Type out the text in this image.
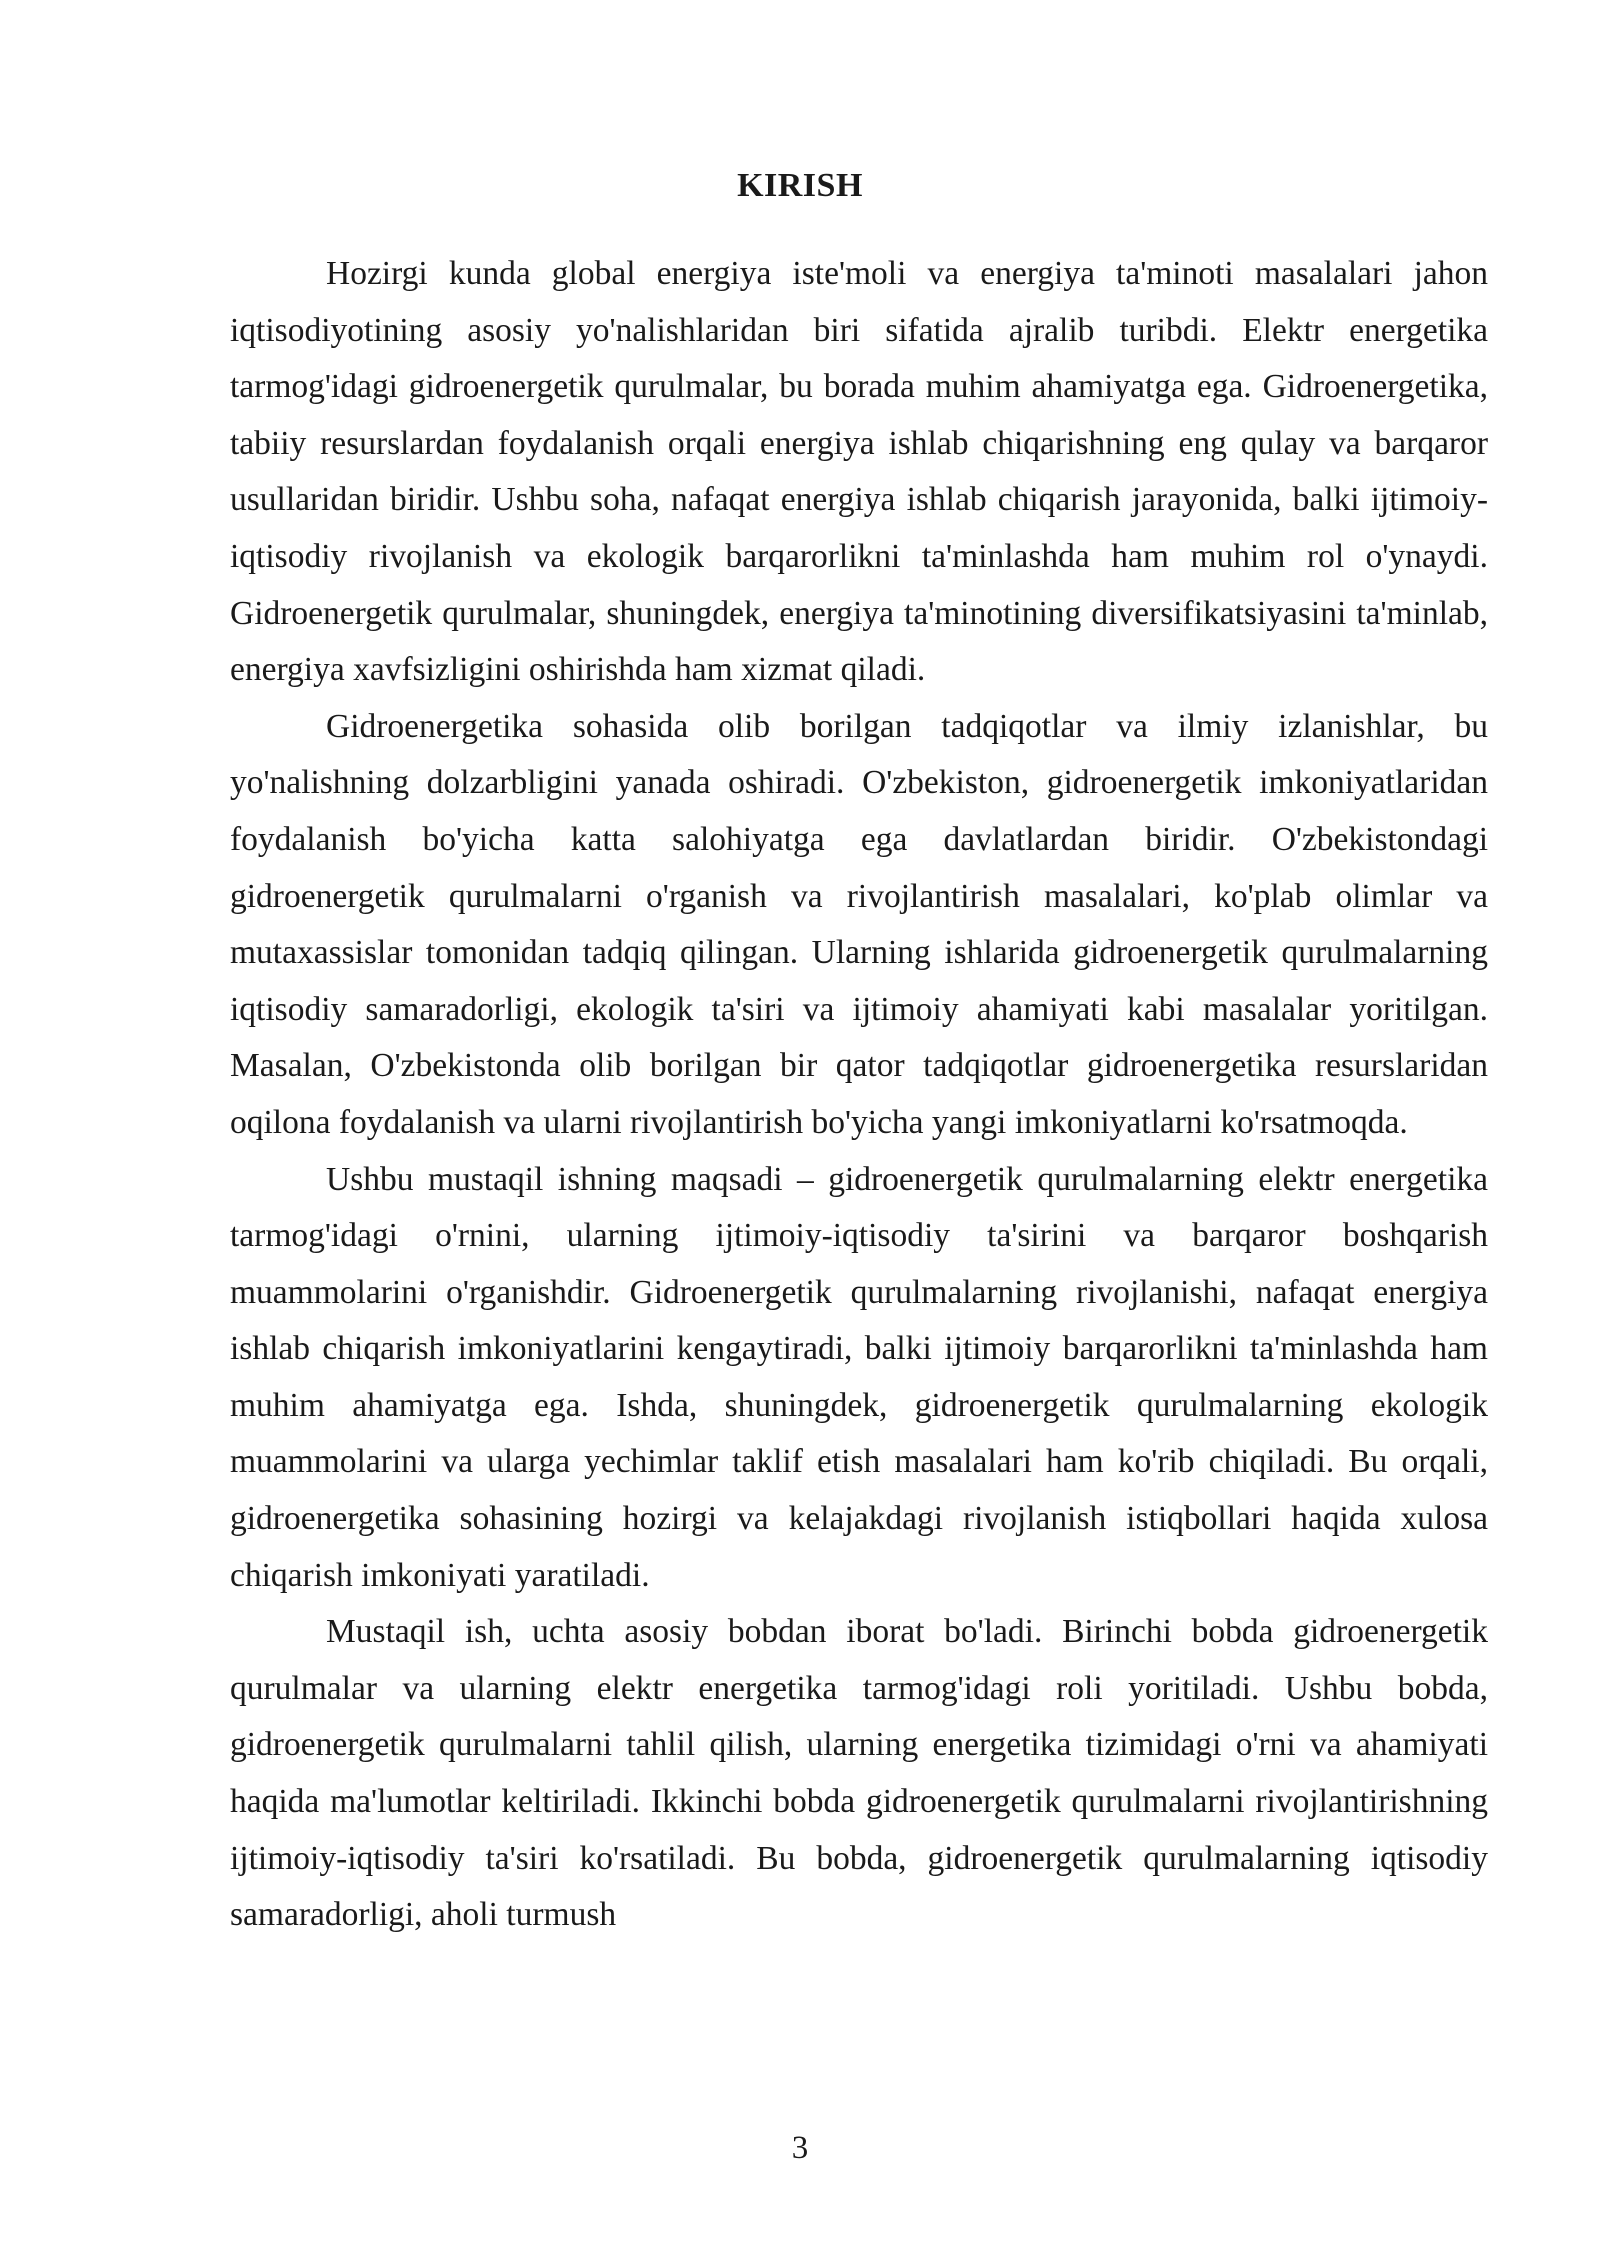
KIRISH

Hozirgi kunda global energiya iste'moli va energiya ta'minoti masalalari jahon iqtisodiyotining asosiy yo'nalishlaridan biri sifatida ajralib turibdi. Elektr energetika tarmog'idagi gidroenergetik qurulmalar, bu borada muhim ahamiyatga ega. Gidroenergetika, tabiiy resurslardan foydalanish orqali energiya ishlab chiqarishning eng qulay va barqaror usullaridan biridir. Ushbu soha, nafaqat energiya ishlab chiqarish jarayonida, balki ijtimoiy-iqtisodiy rivojlanish va ekologik barqarorlikni ta'minlashda ham muhim rol o'ynaydi. Gidroenergetik qurulmalar, shuningdek, energiya ta'minotining diversifikatsiyasini ta'minlab, energiya xavfsizligini oshirishda ham xizmat qiladi.

Gidroenergetika sohasida olib borilgan tadqiqotlar va ilmiy izlanishlar, bu yo'nalishning dolzarbligini yanada oshiradi. O'zbekiston, gidroenergetik imkoniyatlaridan foydalanish bo'yicha katta salohiyatga ega davlatlardan biridir. O'zbekistondagi gidroenergetik qurulmalarni o'rganish va rivojlantirish masalalari, ko'plab olimlar va mutaxassislar tomonidan tadqiq qilingan. Ularning ishlarida gidroenergetik qurulmalarning iqtisodiy samaradorligi, ekologik ta'siri va ijtimoiy ahamiyati kabi masalalar yoritilgan. Masalan, O'zbekistonda olib borilgan bir qator tadqiqotlar gidroenergetika resurslaridan oqilona foydalanish va ularni rivojlantirish bo'yicha yangi imkoniyatlarni ko'rsatmoqda.

Ushbu mustaqil ishning maqsadi – gidroenergetik qurulmalarning elektr energetika tarmog'idagi o'rnini, ularning ijtimoiy-iqtisodiy ta'sirini va barqaror boshqarish muammolarini o'rganishdir. Gidroenergetik qurulmalarning rivojlanishi, nafaqat energiya ishlab chiqarish imkoniyatlarini kengaytiradi, balki ijtimoiy barqarorlikni ta'minlashda ham muhim ahamiyatga ega. Ishda, shuningdek, gidroenergetik qurulmalarning ekologik muammolarini va ularga yechimlar taklif etish masalalari ham ko'rib chiqiladi. Bu orqali, gidroenergetika sohasining hozirgi va kelajakdagi rivojlanish istiqbollari haqida xulosa chiqarish imkoniyati yaratiladi.

Mustaqil ish, uchta asosiy bobdan iborat bo'ladi. Birinchi bobda gidroenergetik qurulmalar va ularning elektr energetika tarmog'idagi roli yoritiladi. Ushbu bobda, gidroenergetik qurulmalarni tahlil qilish, ularning energetika tizimidagi o'rni va ahamiyati haqida ma'lumotlar keltiriladi. Ikkinchi bobda gidroenergetik qurulmalarni rivojlantirishning ijtimoiy-iqtisodiy ta'siri ko'rsatiladi. Bu bobda, gidroenergetik qurulmalarning iqtisodiy samaradorligi, aholi turmush

3
